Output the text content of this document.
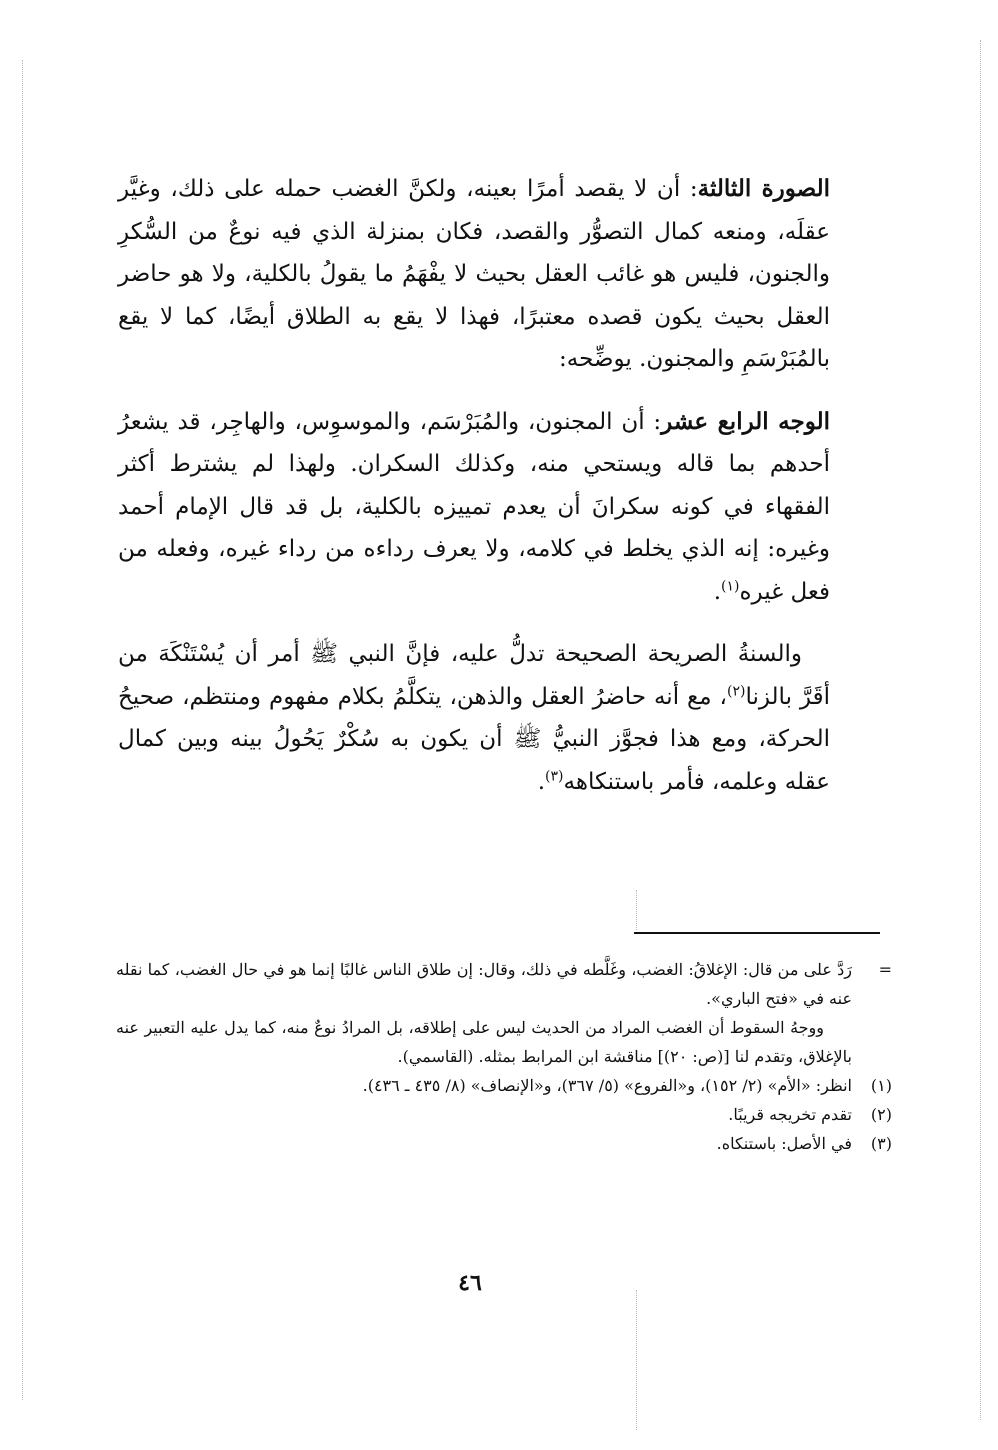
الصورة الثالثة: أن لا يقصد أمرًا بعينه، ولكنَّ الغضب حمله على ذلك، وغيَّر عقلَه، ومنعه كمال التصوُّر والقصد، فكان بمنزلة الذي فيه نوعٌ من السُّكرِ والجنون، فليس هو غائب العقل بحيث لا يفْهَمُ ما يقولُ بالكلية، ولا هو حاضر العقل بحيث يكون قصده معتبرًا، فهذا لا يقع به الطلاق أيضًا، كما لا يقع بالمُبَرْسَمِ والمجنون. يوضِّحه:

الوجه الرابع عشر: أن المجنون، والمُبَرْسَم، والموسوِس، والهاجِر، قد يشعرُ أحدهم بما قاله ويستحي منه، وكذلك السكران. ولهذا لم يشترط أكثر الفقهاء في كونه سكرانَ أن يعدم تمييزه بالكلية، بل قد قال الإمام أحمد وغيره: إنه الذي يخلط في كلامه، ولا يعرف رداءه من رداء غيره، وفعله من فعل غيره$^{(١)}$.

والسنةُ الصريحة الصحيحة تدلُّ عليه، فإنَّ النبي ﷺ أمر أن يُسْتَنْكَهَ من أقَرَّ بالزنا$^{(٢)}$، مع أنه حاضرُ العقل والذهن، يتكلَّمُ بكلام مفهوم ومنتظم، صحيحُ الحركة، ومع هذا فجوَّز النبيُّ ﷺ أن يكون به سُكْرٌ يَحُولُ بينه وبين كمال عقله وعلمه، فأمر باستنكاهه$^{(٣)}$.

=

رَدَّ على من قال: الإغلاقُ: الغضب، وغَلَّطه في ذلك، وقال: إن طلاق الناس غالبًا إنما هو في حال الغضب، كما نقله عنه في «فتح الباري».

ووجهُ السقوط أن الغضب المراد من الحديث ليس على إطلاقه، بل المرادُ نوعٌ منه، كما يدل عليه التعبير عنه بالإغلاق، وتقدم لنا [(ص: ٢٠)] مناقشة ابن المرابط بمثله. (القاسمي).

(١)
انظر: «الأم» (٢/ ١٥٢)، و«الفروع» (٥/ ٣٦٧)، و«الإنصاف» (٨/ ٤٣٥ ـ ٤٣٦).
(٢)
تقدم تخريجه قريبًا.
(٣)
في الأصل: باستنكاه.
٤٦
